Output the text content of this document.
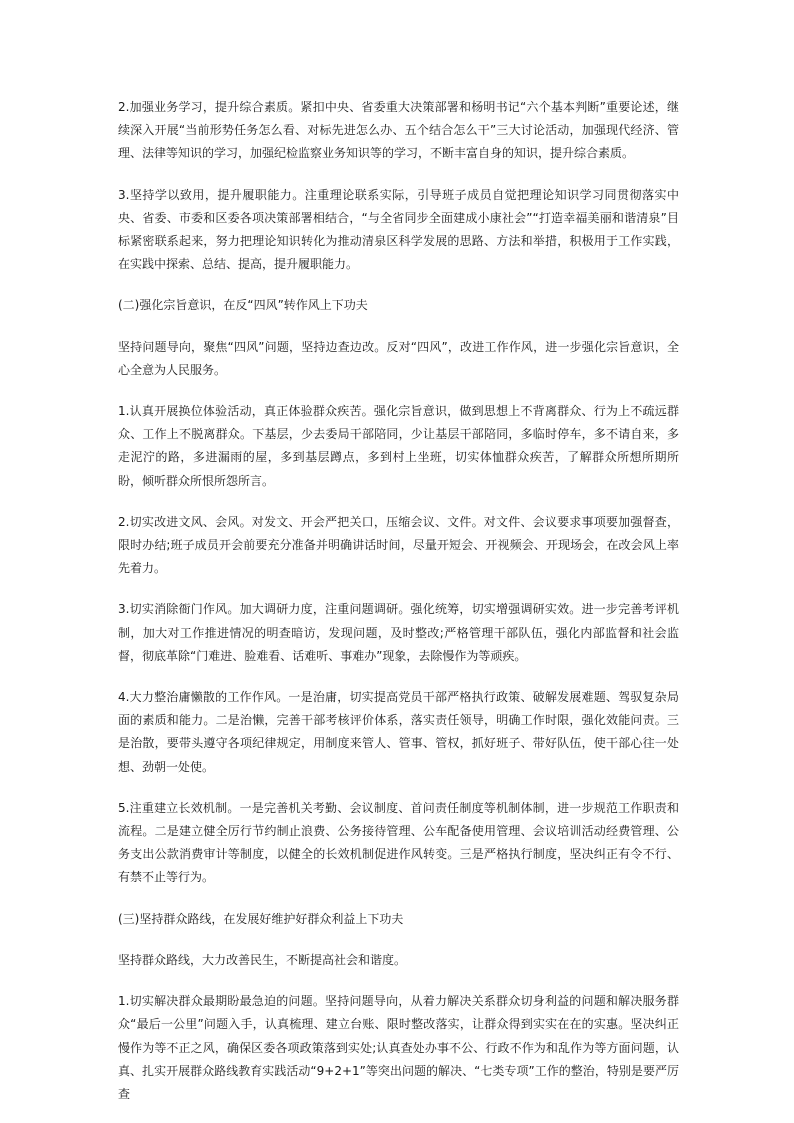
2.加强业务学习，提升综合素质。紧扣中央、省委重大决策部署和杨明书记“六个基本判断”重要论述，继续深入开展“当前形势任务怎么看、对标先进怎么办、五个结合怎么干”三大讨论活动，加强现代经济、管理、法律等知识的学习，加强纪检监察业务知识等的学习，不断丰富自身的知识，提升综合素质。

3.坚持学以致用，提升履职能力。注重理论联系实际，引导班子成员自觉把理论知识学习同贯彻落实中央、省委、市委和区委各项决策部署相结合，“与全省同步全面建成小康社会”“打造幸福美丽和谐清泉”目标紧密联系起来，努力把理论知识转化为推动清泉区科学发展的思路、方法和举措，积极用于工作实践，在实践中探索、总结、提高，提升履职能力。

(二)强化宗旨意识，在反“四风”转作风上下功夫

坚持问题导向，聚焦“四风”问题，坚持边查边改。反对“四风”，改进工作作风，进一步强化宗旨意识，全心全意为人民服务。

1.认真开展换位体验活动，真正体验群众疾苦。强化宗旨意识，做到思想上不背离群众、行为上不疏远群众、工作上不脱离群众。下基层，少去委局干部陪同，少让基层干部陪同，多临时停车，多不请自来，多走泥泞的路，多进漏雨的屋，多到基层蹲点，多到村上坐班，切实体恤群众疾苦，了解群众所想所期所盼，倾听群众所恨所怨所言。

2.切实改进文风、会风。对发文、开会严把关口，压缩会议、文件。对文件、会议要求事项要加强督查，限时办结;班子成员开会前要充分准备并明确讲话时间，尽量开短会、开视频会、开现场会，在改会风上率先着力。

3.切实消除衙门作风。加大调研力度，注重问题调研。强化统筹，切实增强调研实效。进一步完善考评机制，加大对工作推进情况的明查暗访，发现问题，及时整改;严格管理干部队伍，强化内部监督和社会监督，彻底革除“门难进、脸难看、话难听、事难办”现象，去除慢作为等顽疾。

4.大力整治庸懒散的工作作风。一是治庸，切实提高党员干部严格执行政策、破解发展难题、驾驭复杂局面的素质和能力。二是治懒，完善干部考核评价体系，落实责任领导，明确工作时限，强化效能问责。三是治散，要带头遵守各项纪律规定，用制度来管人、管事、管权，抓好班子、带好队伍，使干部心往一处想、劲朝一处使。

5.注重建立长效机制。一是完善机关考勤、会议制度、首问责任制度等机制体制，进一步规范工作职责和流程。二是建立健全厉行节约制止浪费、公务接待管理、公车配备使用管理、会议培训活动经费管理、公务支出公款消费审计等制度，以健全的长效机制促进作风转变。三是严格执行制度，坚决纠正有令不行、有禁不止等行为。

(三)坚持群众路线，在发展好维护好群众利益上下功夫

坚持群众路线，大力改善民生，不断提高社会和谐度。

1.切实解决群众最期盼最急迫的问题。坚持问题导向，从着力解决关系群众切身利益的问题和解决服务群众“最后一公里”问题入手，认真梳理、建立台账、限时整改落实，让群众得到实实在在的实惠。坚决纠正慢作为等不正之风，确保区委各项政策落到实处;认真查处办事不公、行政不作为和乱作为等方面问题，认真、扎实开展群众路线教育实践活动“9+2+1”等突出问题的解决、“七类专项”工作的整治，特别是要严厉查
